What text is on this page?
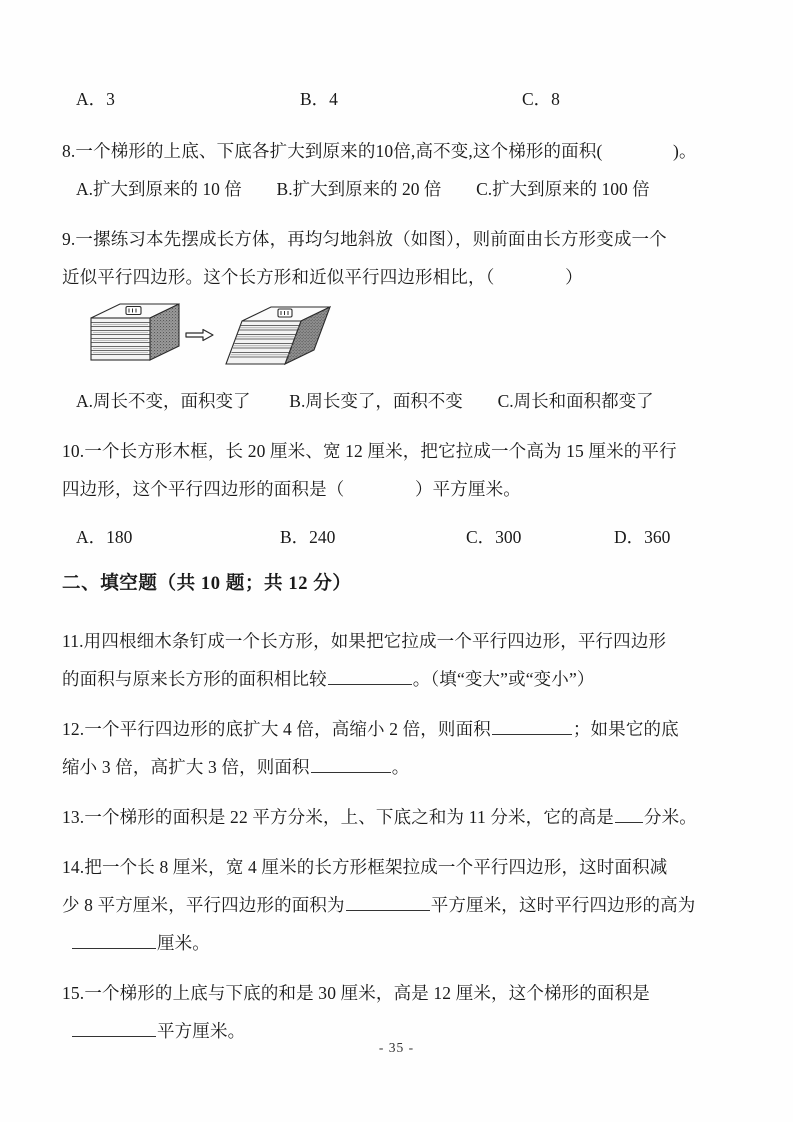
A．3	B．4	C．8
8.一个梯形的上底、下底各扩大到原来的10倍,高不变,这个梯形的面积(　　　　)。
A.扩大到原来的 10 倍 B.扩大到原来的 20 倍 C.扩大到原来的 100 倍
9.一摞练习本先摆成长方体，再均匀地斜放（如图），则前面由长方形变成一个
近似平行四边形。这个长方形和近似平行四边形相比，（　　　　）
A.周长不变，面积变了 B.周长变了，面积不变 C.周长和面积都变了
10.一个长方形木框，长 20 厘米、宽 12 厘米，把它拉成一个高为 15 厘米的平行
四边形，这个平行四边形的面积是（　　　　）平方厘米。
A．180	B．240	C．300	D．360
二、填空题（共 10 题；共 12 分）
11.用四根细木条钉成一个长方形，如果把它拉成一个平行四边形，平行四边形
的面积与原来长方形的面积相比较	。（填“变大”或“变小”）
12.一个平行四边形的底扩大 4 倍，高缩小 2 倍，则面积	；如果它的底
缩小 3 倍，高扩大 3 倍，则面积	。
13.一个梯形的面积是 22 平方分米，上、下底之和为 11 分米，它的高是 分米。
14.把一个长 8 厘米，宽 4 厘米的长方形框架拉成一个平行四边形，这时面积减
少 8 平方厘米，平行四边形的面积为	平方厘米，这时平行四边形的高为
厘米。
15.一个梯形的上底与下底的和是 30 厘米，高是 12 厘米，这个梯形的面积是
平方厘米。
- 35 -
